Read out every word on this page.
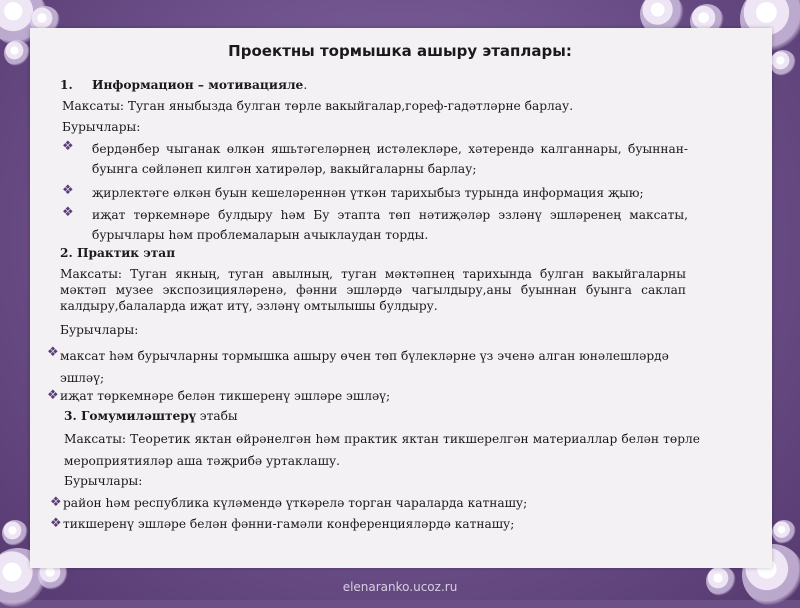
Проектны тормышка ашыру этаплары:
1. Информацион – мотивацияле.
Максаты: Туган яныбызда булган төрле вакыйгалар,гореф-гадәтләрне барлау.
Бурычлары:
❖ бердәнбер чыганак өлкән яшьтәгеләрнең истәлекләре, хәтерендә калганнары, буыннан-буынга сөйләнеп килгән хатирәләр, вакыйгаларны барлау;
❖ җирлектәге өлкән буын кешеләреннән үткән тарихыбыз турында информация җыю;
❖ иҗат төркемнәре булдыру һәм Бу этапта төп нәтиҗәләр эзләнү эшләренең максаты, бурычлары һәм проблемаларын ачыклаудан торды.
2. Практик этап
Максаты: Туган якның, туган авылның, туган мәктәпнең тарихында булган вакыйгаларны мәктәп музее экспозицияләренә, фәнни эшләрдә чагылдыру,аны буыннан буынга саклап калдыру,балаларда иҗат итү, эзләнү омтылышы булдыру.
Бурычлары:
❖ максат һәм бурычларны тормышка ашыру өчен төп бүлекләрне үз эченә алган юнәлешләрдә эшләү;
❖ иҗат төркемнәре белән тикшеренү эшләре эшләү;
3. Гомумиләштерү этабы
Максаты: Теоретик яктан өйрәнелгән һәм практик яктан тикшерелгән материаллар белән төрле мероприятияләр аша тәҗрибә уртаклашу.
Бурычлары:
❖ район һәм республика күләмендә үткәрелә торган чараларда катнашу;
❖ тикшеренү эшләре белән фәнни-гамәли конференцияләрдә катнашу;
elenaranko.ucoz.ru
